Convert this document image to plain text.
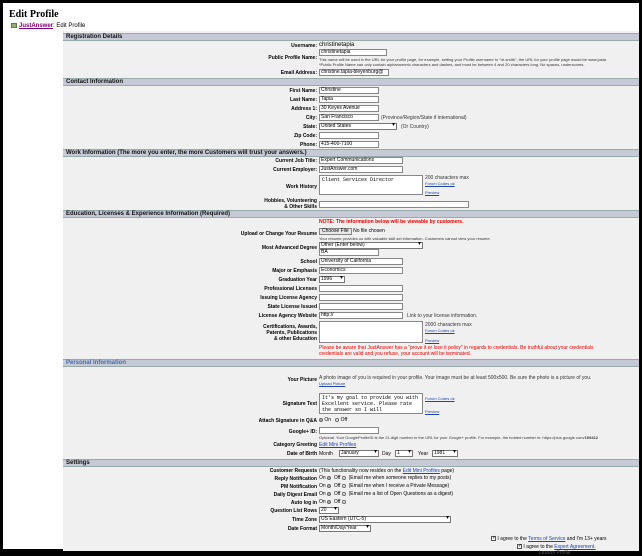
Edit Profile
JustAnswer: Edit Profile
Registration Details
Username: christinetapia
Public Profile Name:
christinetapia
This name will be used in the URL for your profile page, for example, setting your Profile username to "dr-smith", the URL for your profile page would be www.justa
*Public Profile Name can only contain alphanumeric characters and dashes, and must be between 4 and 20 characters long. No spaces, underscores.
Email Address: christine.tapia-bleyenburg@
Contact Information
First Name: Christine
Last Name: Tapia
Address 1: 30 Keyes Avenue
City: San Francisco	(Province/Region/State if international)
State: United States ▾	(Or Country)
Zip Code:
Phone: 415-400-7100
Work Information (The more you enter, the more Customers will trust your answers.)
Current Job Title: Expert Communications
Current Employer: JustAnswer.com
Work History
Client Services Director	200 characters max
Forum Codes ok
Preview
Hobbies, Volunteering
& Other Skills
Education, Licenses & Experience Information (Required)
NOTE: The information below will be viewable by customers.
Upload or Change Your Resume	Choose File No file chosen
Your resume provides us with valuable skill set information. Customers cannot view your resume.
Most Advanced Degree Other (Enter below) ▾
BA
School University of California
Major or Emphasis Economics
Graduation Year 1996 ▾
Professional Licenses
Issuing License Agency
State License Issued
License Agency Website http://	Link to your license information.
Certifications, Awards,
Patents, Publications
& other Education
2000 characters max
Forum Codes ok
Preview
Please be aware that JustAnswer has a "prove it or lose it policy" in regards to credentials. Be truthful about your credentials
credentials are valid and you refuse, your account will be terminated.
Personal Information
Your Picture A photo image of you is required in your profile. Your image must be at least 500x500. Be sure the photo is a picture of you.
Upload Picture
Signature Text
It's my goal to provide you with Excellent service. Please rate the answer so I will
Forum Codes ok
Preview
Attach Signature in Q&A	On Off
Google+ ID:
Optional. Your GoogleProfileID is the 21-digit number in the URL for your Google+ profile. For example, the bolded number in: https://plus.google.com/109412
Category Greeting Edit Mini Profiles
Date of Birth Month	January ▾	Day	1 ▾	Year	1981 ▾
Settings
Customer Requests (This functionality now resides on the Edit Mini Profiles page)
Reply Notification On Off (Email me when someone replies to my posts)
PM Notification On Off (Email me when I receive a Private Message)
Daily Digest Email On Off (Email me a list of Open Questions as a digest)
Auto log in On Off
Question List Rows 20 ▾
Time Zone US Eastern (UTC-5) ▾
Date Format Month/Day/Year ▾
✓ I agree to the Terms of Service and I'm 13+ years
✓ I agree to the Expert Agreement.
Lesson Profile
